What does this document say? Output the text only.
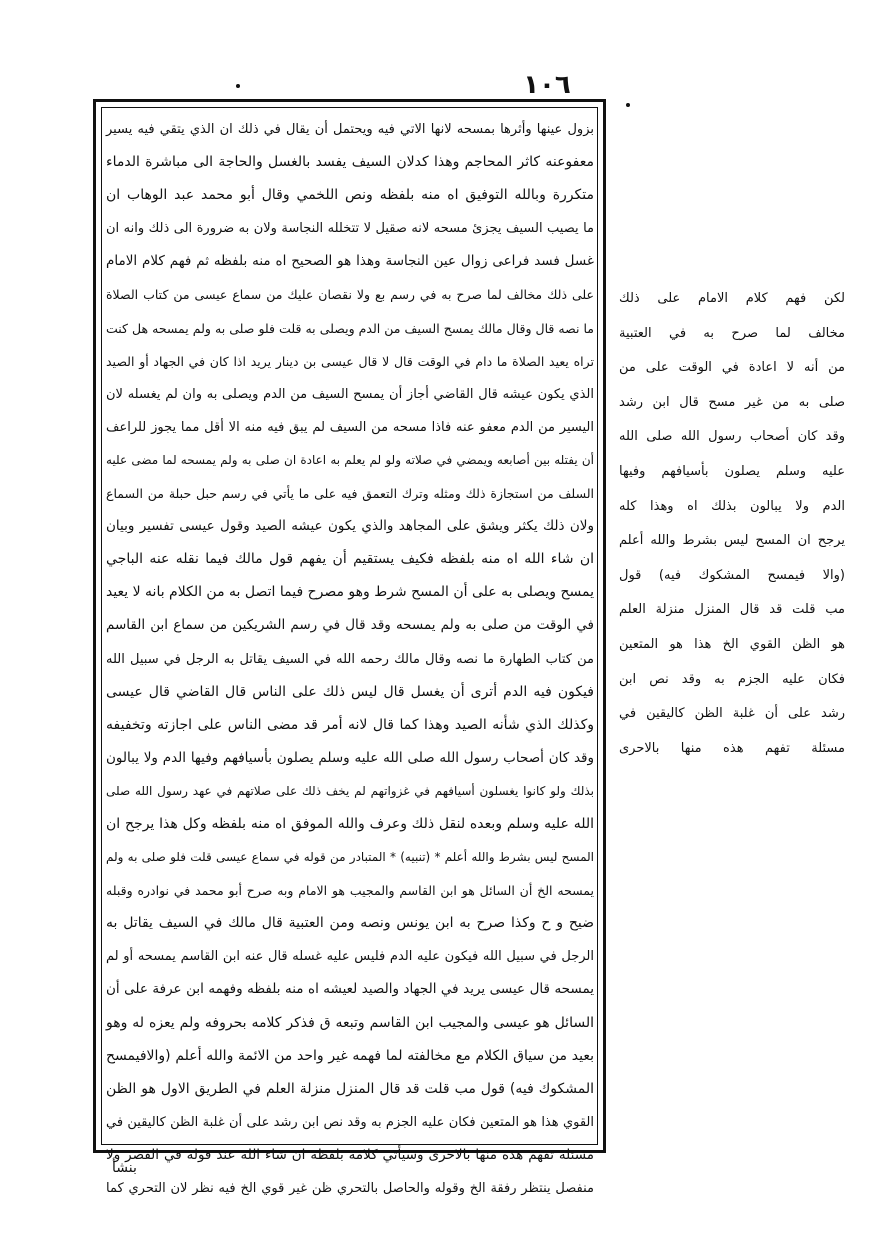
١٠٦
بزول عينها وأثرها بمسحه لانها الاتي فيه ويحتمل أن يقال في ذلك ان الذي يتقي فيه يسير
معفوعنه كاثر المحاجم وهذا كدلان السيف يفسد بالغسل والحاجة الى مباشرة الدماء
متكررة وبالله التوفيق اه منه بلفظه ونص اللخمي وقال أبو محمد عبد الوهاب ان
ما يصيب السيف يجزئ مسحه لانه صقيل لا تتخلله النجاسة ولان به ضرورة الى ذلك وانه ان
غسل فسد فراعى زوال عين النجاسة وهذا هو الصحيح اه منه بلفظه ثم فهم كلام الامام
على ذلك مخالف لما صرح به في رسم بع ولا نقصان عليك من سماع عيسى من كتاب الصلاة
ما نصه قال وقال مالك يمسح السيف من الدم ويصلى به قلت فلو صلى به ولم يمسحه هل كنت
تراه يعيد الصلاة ما دام في الوقت قال لا قال عيسى بن دينار يريد اذا كان في الجهاد أو الصيد
الذي يكون عيشه قال القاضي أجاز أن يمسح السيف من الدم ويصلى به وان لم يغسله لان
اليسير من الدم معفو عنه فاذا مسحه من السيف لم يبق فيه منه الا أقل مما يجوز للراعف
أن يفتله بين أصابعه ويمضي في صلاته ولو لم يعلم به اعادة ان صلى به ولم يمسحه لما مضى عليه
السلف من استجازة ذلك ومثله وترك التعمق فيه على ما يأتي في رسم حبل حبلة من السماع
ولان ذلك يكثر ويشق على المجاهد والذي يكون عيشه الصيد وقول عيسى تفسير وبيان
ان شاء الله اه منه بلفظه فكيف يستقيم أن يفهم قول مالك فيما نقله عنه الباجي
يمسح ويصلى به على أن المسح شرط وهو مصرح فيما اتصل به من الكلام بانه لا يعيد
في الوقت من صلى به ولم يمسحه وقد قال في رسم الشريكين من سماع ابن القاسم
من كتاب الطهارة ما نصه وقال مالك رحمه الله في السيف يقاتل به الرجل في سبيل الله
فيكون فيه الدم أترى أن يغسل قال ليس ذلك على الناس قال القاضي قال عيسى
وكذلك الذي شأنه الصيد وهذا كما قال لانه أمر قد مضى الناس على اجازته وتخفيفه
وقد كان أصحاب رسول الله صلى الله عليه وسلم يصلون بأسيافهم وفيها الدم ولا يبالون
بذلك ولو كانوا يغسلون أسيافهم في غزواتهم لم يخف ذلك على صلاتهم في عهد رسول الله صلى
الله عليه وسلم وبعده لنقل ذلك وعرف والله الموفق اه منه بلفظه وكل هذا يرجح ان
المسح ليس بشرط والله أعلم * (تنبيه) * المتبادر من قوله في سماع عيسى قلت فلو صلى به ولم
يمسحه الخ أن السائل هو ابن القاسم والمجيب هو الامام وبه صرح أبو محمد في نوادره وقبله
ضيح و ح وكذا صرح به ابن يونس ونصه ومن العتبية قال مالك في السيف يقاتل به
الرجل في سبيل الله فيكون عليه الدم فليس عليه غسله قال عنه ابن القاسم يمسحه أو لم
يمسحه قال عيسى يريد في الجهاد والصيد لعيشه اه منه بلفظه وفهمه ابن عرفة على أن
السائل هو عيسى والمجيب ابن القاسم وتبعه ق فذكر كلامه بحروفه ولم يعزه له وهو
بعيد من سياق الكلام مع مخالفته لما فهمه غير واحد من الائمة والله أعلم (والافيمسح
المشكوك فيه) قول مب قلت قد قال المنزل منزلة العلم في الطريق الاول هو الظن
القوي هذا هو المتعين فكان عليه الجزم به وقد نص ابن رشد على أن غلبة الظن كاليقين في
مسئلة تفهم هذه منها بالاحرى وسيأتي كلامه بلفظه ان شاء الله عند قوله في القصر ولا
منفصل ينتظر رفقة الخ وقوله والحاصل بالتحري ظن غير قوي الخ فيه نظر لان التحري كما
لكن فهم كلام الامام على ذلك
مخالف لما صرح به في العتبية
من أنه لا اعادة في الوقت على من
صلى به من غير مسح قال ابن رشد
وقد كان أصحاب رسول الله صلى الله
عليه وسلم يصلون بأسيافهم وفيها
الدم ولا يبالون بذلك اه وهذا كله
يرجح ان المسح ليس بشرط والله أعلم
(والا فيمسح المشكوك فيه) قول
مب قلت قد قال المنزل منزلة العلم
هو الظن القوي الخ هذا هو المتعين
فكان عليه الجزم به وقد نص ابن
رشد على أن غلبة الظن كاليقين في
مسئلة تفهم هذه منها بالاحرى
بنشأ
